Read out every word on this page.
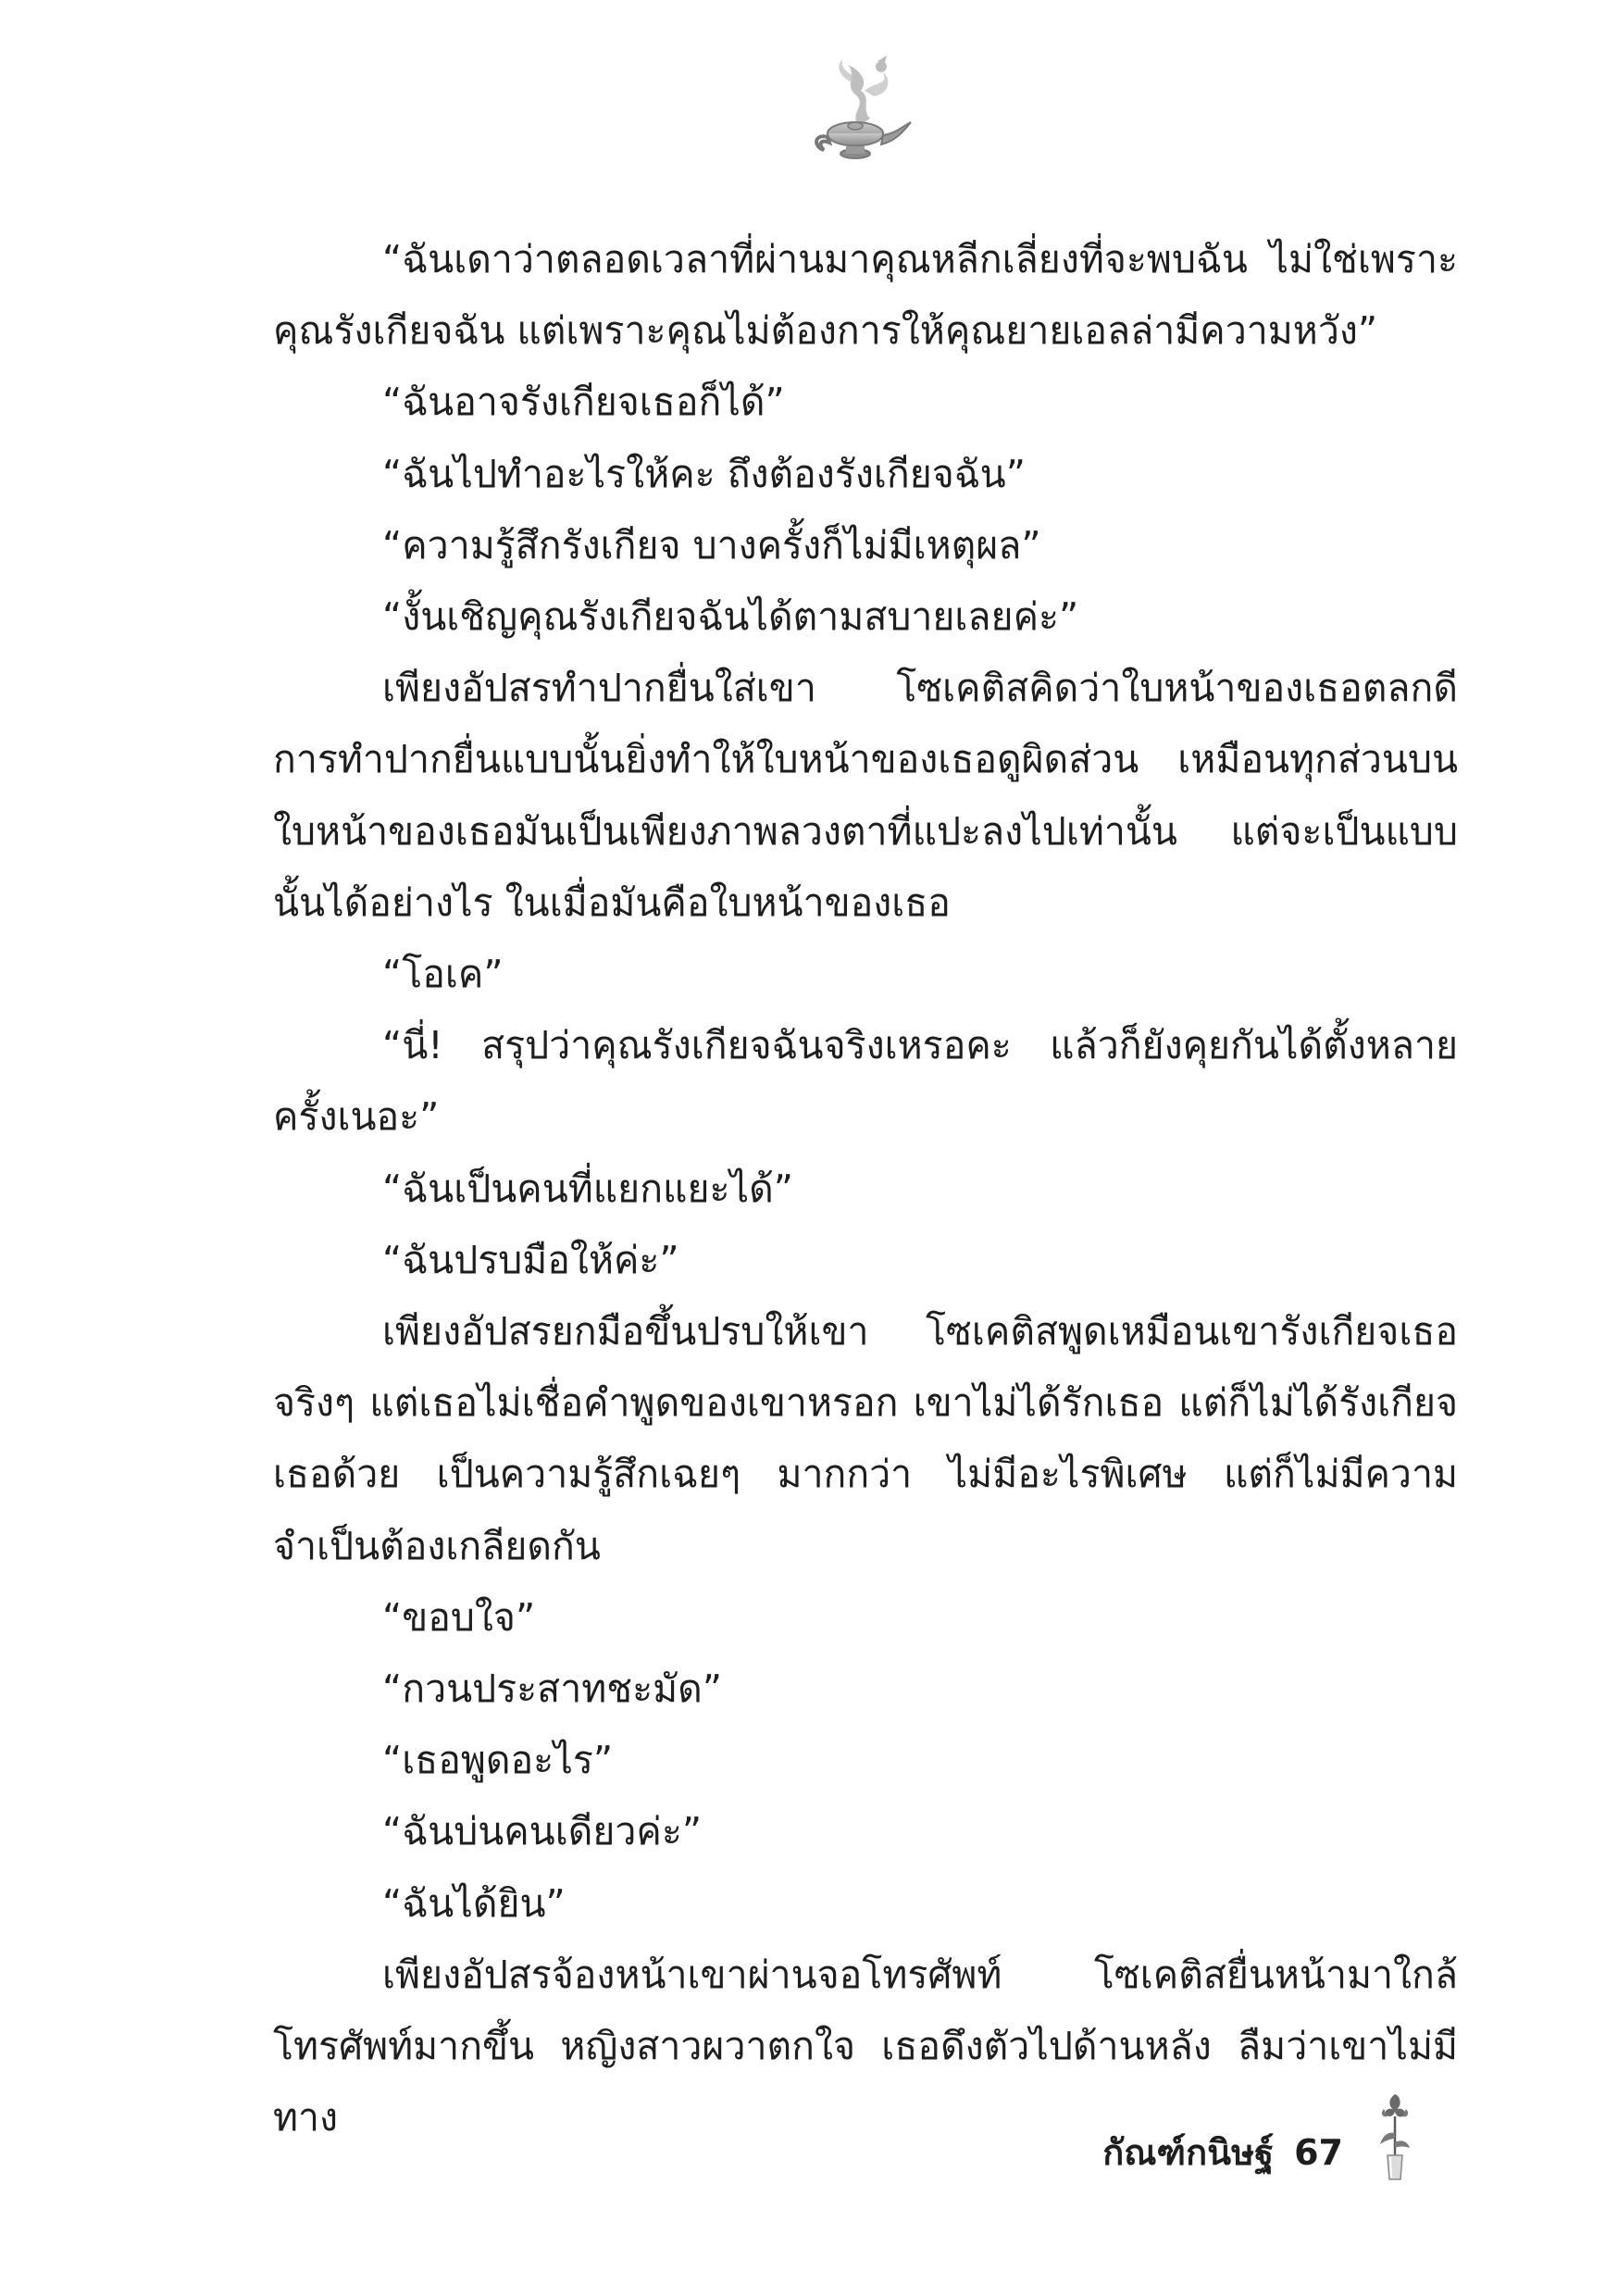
“ฉันเดาว่าตลอดเวลาที่ผ่านมาคุณหลีกเลี่ยงที่จะพบฉัน ไม่ใช่เพราะคุณรังเกียจฉัน แต่เพราะคุณไม่ต้องการให้คุณยายเอลล่ามีความหวัง”

“ฉันอาจรังเกียจเธอก็ได้”

“ฉันไปทำอะไรให้คะ ถึงต้องรังเกียจฉัน”

“ความรู้สึกรังเกียจ บางครั้งก็ไม่มีเหตุผล”

“งั้นเชิญคุณรังเกียจฉันได้ตามสบายเลยค่ะ”

เพียงอัปสรทำปากยื่นใส่เขา โซเคติสคิดว่าใบหน้าของเธอตลกดี การทำปากยื่นแบบนั้นยิ่งทำให้ใบหน้าของเธอดูผิดส่วน เหมือนทุกส่วนบนใบหน้าของเธอมันเป็นเพียงภาพลวงตาที่แปะลงไปเท่านั้น แต่จะเป็นแบบนั้นได้อย่างไร ในเมื่อมันคือใบหน้าของเธอ

“โอเค”

“นี่! สรุปว่าคุณรังเกียจฉันจริงเหรอคะ แล้วก็ยังคุยกันได้ตั้งหลายครั้งเนอะ”

“ฉันเป็นคนที่แยกแยะได้”

“ฉันปรบมือให้ค่ะ”

เพียงอัปสรยกมือขึ้นปรบให้เขา โซเคติสพูดเหมือนเขารังเกียจเธอจริงๆ แต่เธอไม่เชื่อคำพูดของเขาหรอก เขาไม่ได้รักเธอ แต่ก็ไม่ได้รังเกียจเธอด้วย เป็นความรู้สึกเฉยๆ มากกว่า ไม่มีอะไรพิเศษ แต่ก็ไม่มีความจำเป็นต้องเกลียดกัน

“ขอบใจ”

“กวนประสาทชะมัด”

“เธอพูดอะไร”

“ฉันบ่นคนเดียวค่ะ”

“ฉันได้ยิน”

เพียงอัปสรจ้องหน้าเขาผ่านจอโทรศัพท์ โซเคติสยื่นหน้ามาใกล้โทรศัพท์มากขึ้น หญิงสาวผวาตกใจ เธอดึงตัวไปด้านหลัง ลืมว่าเขาไม่มีทาง

กัณฑ์กนิษฐ์ 67
